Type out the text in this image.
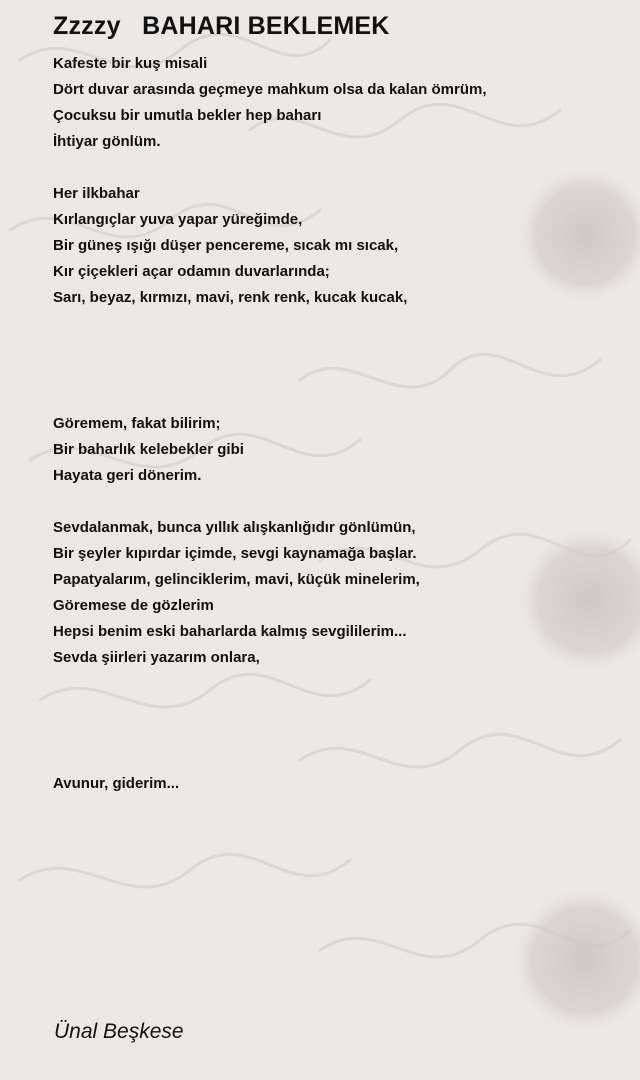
Zzzzy   BAHARI BEKLEMEK
Kafeste bir kuş misali
Dört duvar arasında geçmeye mahkum olsa da kalan ömrüm,
Çocuksu bir umutla bekler hep baharı
İhtiyar gönlüm.
Her ilkbahar
Kırlangıçlar yuva yapar yüreğimde,
Bir güneş ışığı düşer pencereme, sıcak mı sıcak,
Kır çiçekleri açar odamın duvarlarında;
Sarı, beyaz, kırmızı, mavi, renk renk, kucak kucak,
Göremem, fakat bilirim;
Bir baharlık kelebekler gibi
Hayata geri dönerim.
Sevdalanmak, bunca yıllık alışkanlığıdır gönlümün,
Bir şeyler kıpırdar içimde, sevgi kaynamağa başlar.
Papatyalarım, gelinciklerim, mavi, küçük minelerim,
Göremese de gözlerim
Hepsi benim eski baharlarda kalmış sevgililerim...
Sevda şiirleri yazarım onlara,
Avunur, giderim...
Ünal Beşkese
